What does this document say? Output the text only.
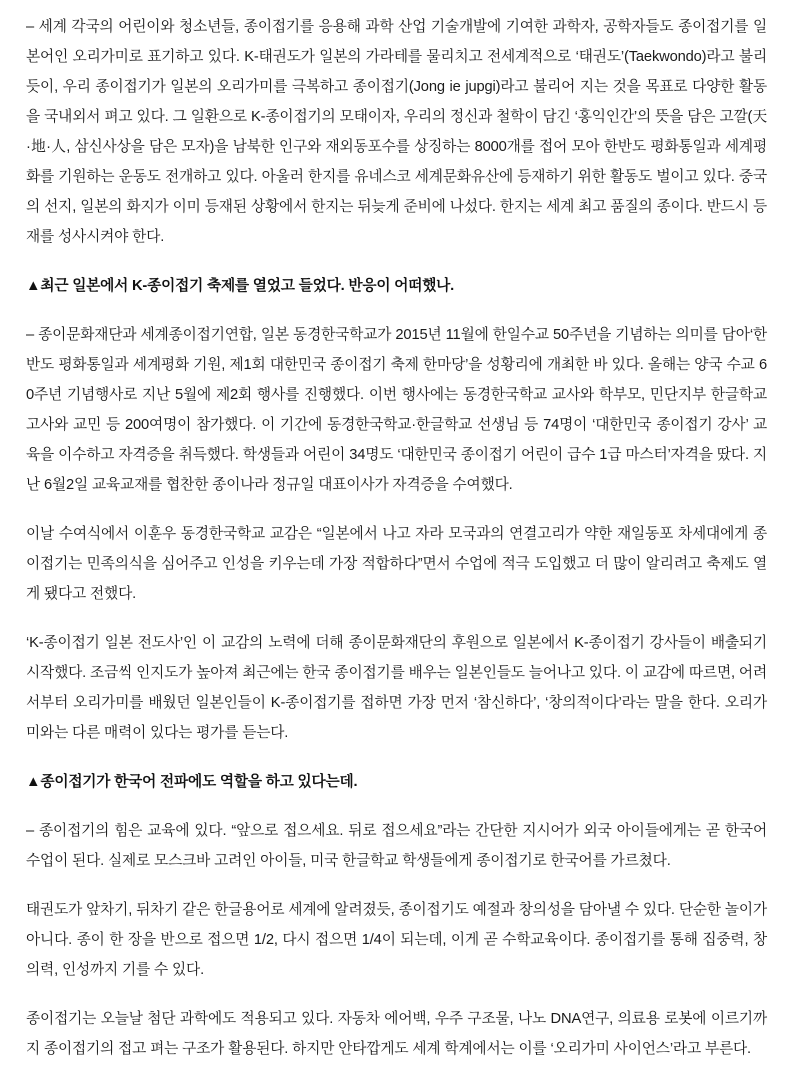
– 세계 각국의 어린이와 청소년들, 종이접기를 응용해 과학 산업 기술개발에 기여한 과학자, 공학자들도 종이접기를 일본어인 오리가미로 표기하고 있다. K-태권도가 일본의 가라테를 물리치고 전세계적으로 ‘태권도’(Taekwondo)라고 불리듯이, 우리 종이접기가 일본의 오리가미를 극복하고 종이접기(Jong ie jupgi)라고 불리어 지는 것을 목표로 다양한 활동을 국내외서 펴고 있다. 그 일환으로 K-종이접기의 모태이자, 우리의 정신과 철학이 담긴 ‘홍익인간’의 뜻을 담은 고깔(天·地·人, 삼신사상을 담은 모자)을 남북한 인구와 재외동포수를 상징하는 8000개를 접어 모아 한반도 평화통일과 세계평화를 기원하는 운동도 전개하고 있다. 아울러 한지를 유네스코 세계문화유산에 등재하기 위한 활동도 벌이고 있다. 중국의 선지, 일본의 화지가 이미 등재된 상황에서 한지는 뒤늦게 준비에 나섰다. 한지는 세계 최고 품질의 종이다. 반드시 등재를 성사시켜야 한다.

▲최근 일본에서 K-종이접기 축제를 열었고 들었다. 반응이 어떠했나.

– 종이문화재단과 세계종이접기연합, 일본 동경한국학교가 2015년 11월에 한일수교 50주년을 기념하는 의미를 담아‘한반도 평화통일과 세계평화 기원, 제1회 대한민국 종이접기 축제 한마당’을 성황리에 개최한 바 있다. 올해는 양국 수교 60주년 기념행사로 지난 5월에 제2회 행사를 진행했다. 이번 행사에는 동경한국학교 교사와 학부모, 민단지부 한글학교 고사와 교민 등 200여명이 참가했다. 이 기간에 동경한국학교·한글학교 선생님 등 74명이 ‘대한민국 종이접기 강사’ 교육을 이수하고 자격증을 취득했다. 학생들과 어린이 34명도 ‘대한민국 종이접기 어린이 급수 1급 마스터’자격을 땄다. 지난 6월2일 교육교재를 협찬한 종이나라 정규일 대표이사가 자격증을 수여했다.

이날 수여식에서 이훈우 동경한국학교 교감은 “일본에서 나고 자라 모국과의 연결고리가 약한 재일동포 차세대에게 종이접기는 민족의식을 심어주고 인성을 키우는데 가장 적합하다”면서 수업에 적극 도입했고 더 많이 알리려고 축제도 열게 됐다고 전했다.

‘K-종이접기 일본 전도사’인 이 교감의 노력에 더해 종이문화재단의 후원으로 일본에서 K-종이접기 강사들이 배출되기 시작했다. 조금씩 인지도가 높아져 최근에는 한국 종이접기를 배우는 일본인들도 늘어나고 있다. 이 교감에 따르면, 어려서부터 오리가미를 배웠던 일본인들이 K-종이접기를 접하면 가장 먼저 ‘참신하다’, ‘창의적이다’라는 말을 한다. 오리가미와는 다른 매력이 있다는 평가를 듣는다.

▲종이접기가 한국어 전파에도 역할을 하고 있다는데.

– 종이접기의 힘은 교육에 있다. “앞으로 접으세요. 뒤로 접으세요”라는 간단한 지시어가 외국 아이들에게는 곧 한국어 수업이 된다. 실제로 모스크바 고려인 아이들, 미국 한글학교 학생들에게 종이접기로 한국어를 가르쳤다.

태권도가 앞차기, 뒤차기 같은 한글용어로 세계에 알려졌듯, 종이접기도 예절과 창의성을 담아낼 수 있다. 단순한 놀이가 아니다. 종이 한 장을 반으로 접으면 1/2, 다시 접으면 1/4이 되는데, 이게 곧 수학교육이다. 종이접기를 통해 집중력, 창의력, 인성까지 기를 수 있다.

종이접기는 오늘날 첨단 과학에도 적용되고 있다. 자동차 에어백, 우주 구조물, 나노 DNA연구, 의료용 로봇에 이르기까지 종이접기의 접고 펴는 구조가 활용된다. 하지만 안타깝게도 세계 학계에서는 이를 ‘오리가미 사이언스’라고 부른다.
